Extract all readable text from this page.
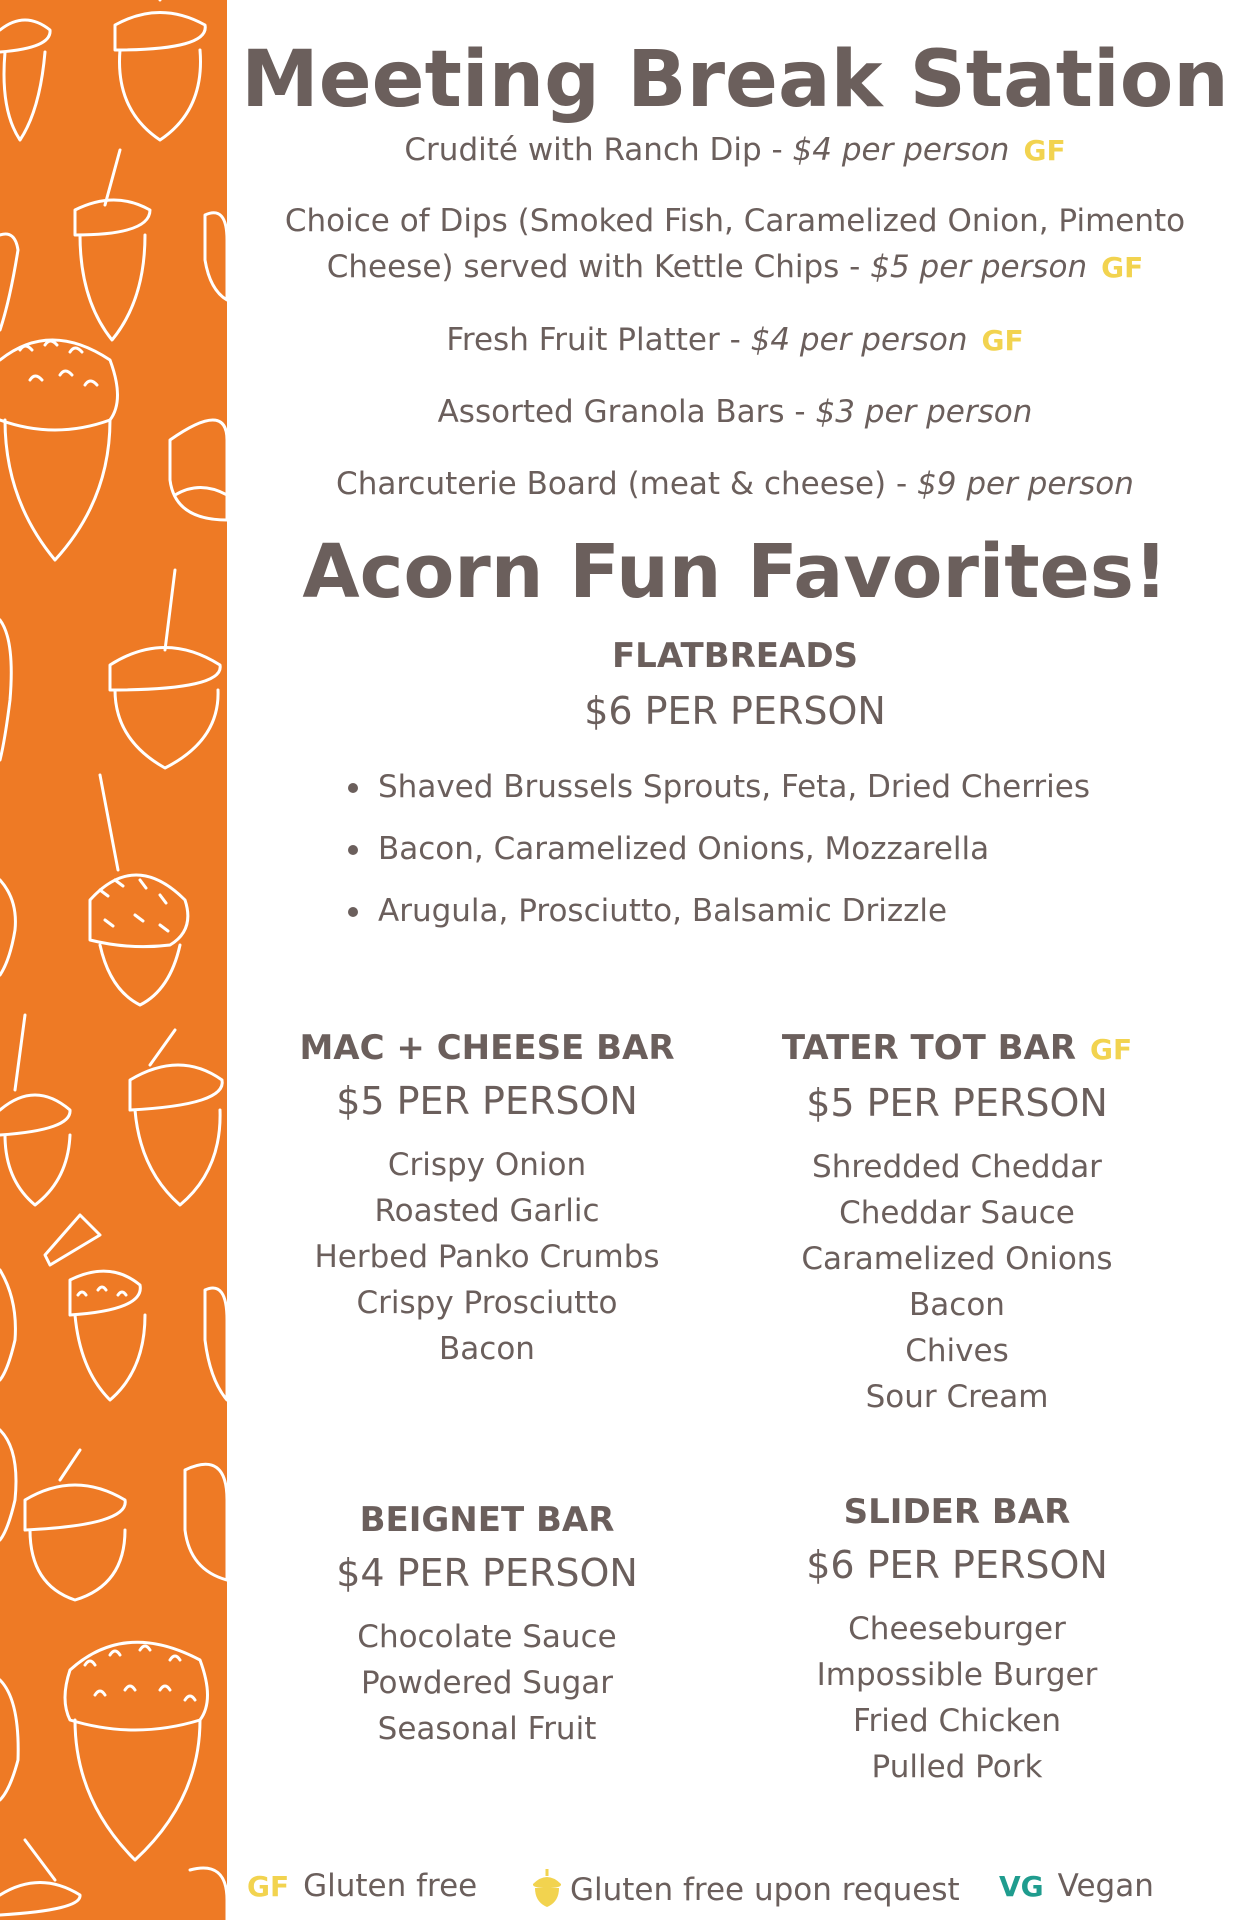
Meeting Break Station
Crudité with Ranch Dip - $4 per person GF
Choice of Dips (Smoked Fish, Caramelized Onion, Pimento
Cheese) served with Kettle Chips - $5 per person GF
Fresh Fruit Platter - $4 per person GF
Assorted Granola Bars - $3 per person
Charcuterie Board (meat & cheese) - $9 per person
Acorn Fun Favorites!
FLATBREADS
$6 PER PERSON
Shaved Brussels Sprouts, Feta, Dried Cherries
Bacon, Caramelized Onions, Mozzarella
Arugula, Prosciutto, Balsamic Drizzle
MAC + CHEESE BAR
$5 PER PERSON
Crispy Onion
Roasted Garlic
Herbed Panko Crumbs
Crispy Prosciutto
Bacon
TATER TOT BAR GF
$5 PER PERSON
Shredded Cheddar
Cheddar Sauce
Caramelized Onions
Bacon
Chives
Sour Cream
BEIGNET BAR
$4 PER PERSON
Chocolate Sauce
Powdered Sugar
Seasonal Fruit
SLIDER BAR
$6 PER PERSON
Cheeseburger
Impossible Burger
Fried Chicken
Pulled Pork
GF Gluten free	Gluten free upon request VG Vegan
